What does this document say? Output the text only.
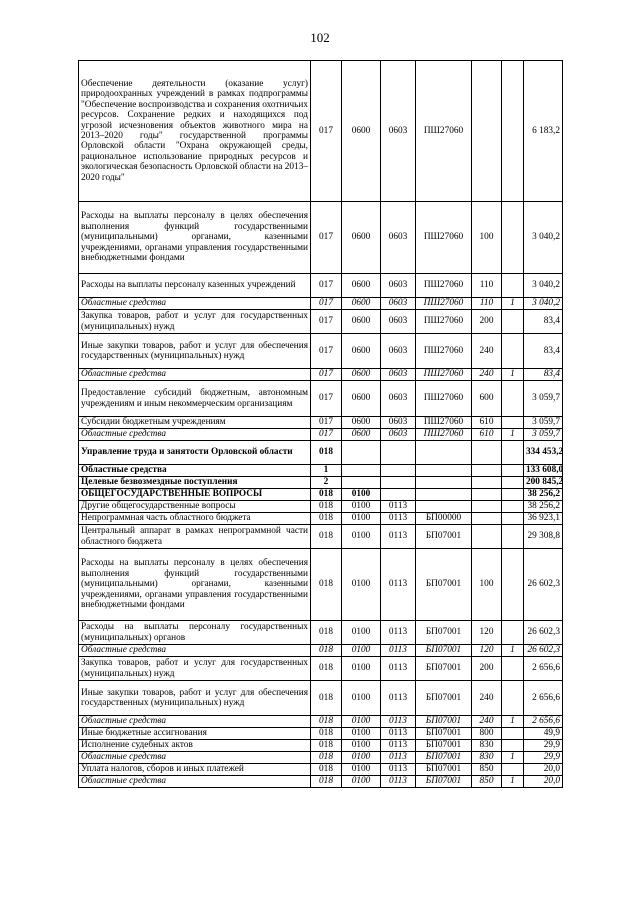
102
Обеспечение деятельности (оказание услуг) природоохранных учреждений в рамках подпрограммы "Обеспечение воспроизводства и сохранения охотничьих ресурсов. Сохранение редких и находящихся под угрозой исчезновения объектов животного мира на 2013–2020 годы" государственной программы Орловской области "Охрана окружающей среды, рациональное использование природных ресурсов и экологическая безопасность Орловской области на 2013–2020 годы"	017	0600	0603	ПШ27060			6 183,2
Расходы на выплаты персоналу в целях обеспечения выполнения функций государственными (муниципальными) органами, казенными учреждениями, органами управления государственными внебюджетными фондами	017	0600	0603	ПШ27060	100		3 040,2
Расходы на выплаты персоналу казенных учреждений	017	0600	0603	ПШ27060	110		3 040,2
Областные средства	017	0600	0603	ПШ27060	110	1	3 040,2
Закупка товаров, работ и услуг для государственных (муниципальных) нужд	017	0600	0603	ПШ27060	200		83,4
Иные закупки товаров, работ и услуг для обеспечения государственных (муниципальных) нужд	017	0600	0603	ПШ27060	240		83,4
Областные средства	017	0600	0603	ПШ27060	240	1	83,4
Предоставление субсидий бюджетным, автономным учреждениям и иным некоммерческим организациям	017	0600	0603	ПШ27060	600		3 059,7
Субсидии бюджетным учреждениям	017	0600	0603	ПШ27060	610		3 059,7
Областные средства	017	0600	0603	ПШ27060	610	1	3 059,7
Управление труда и занятости Орловской области	018						334 453,2
Областные средства	1						133 608,0
Целевые безвозмездные поступления	2						200 845,2
ОБЩЕГОСУДАРСТВЕННЫЕ ВОПРОСЫ	018	0100					38 256,2
Другие общегосударственные вопросы	018	0100	0113				38 256,2
Непрограммная часть областного бюджета	018	0100	0113	БП00000			36 923,1
Центральный аппарат в рамках непрограммной части областного бюджета	018	0100	0113	БП07001			29 308,8
Расходы на выплаты персоналу в целях обеспечения выполнения функций государственными (муниципальными) органами, казенными учреждениями, органами управления государственными внебюджетными фондами	018	0100	0113	БП07001	100		26 602,3
Расходы на выплаты персоналу государственных (муниципальных) органов	018	0100	0113	БП07001	120		26 602,3
Областные средства	018	0100	0113	БП07001	120	1	26 602,3
Закупка товаров, работ и услуг для государственных (муниципальных) нужд	018	0100	0113	БП07001	200		2 656,6
Иные закупки товаров, работ и услуг для обеспечения государственных (муниципальных) нужд	018	0100	0113	БП07001	240		2 656,6
Областные средства	018	0100	0113	БП07001	240	1	2 656,6
Иные бюджетные ассигнования	018	0100	0113	БП07001	800		49,9
Исполнение судебных актов	018	0100	0113	БП07001	830		29,9
Областные средства	018	0100	0113	БП07001	830	1	29,9
Уплата налогов, сборов и иных платежей	018	0100	0113	БП07001	850		20,0
Областные средства	018	0100	0113	БП07001	850	1	20,0
